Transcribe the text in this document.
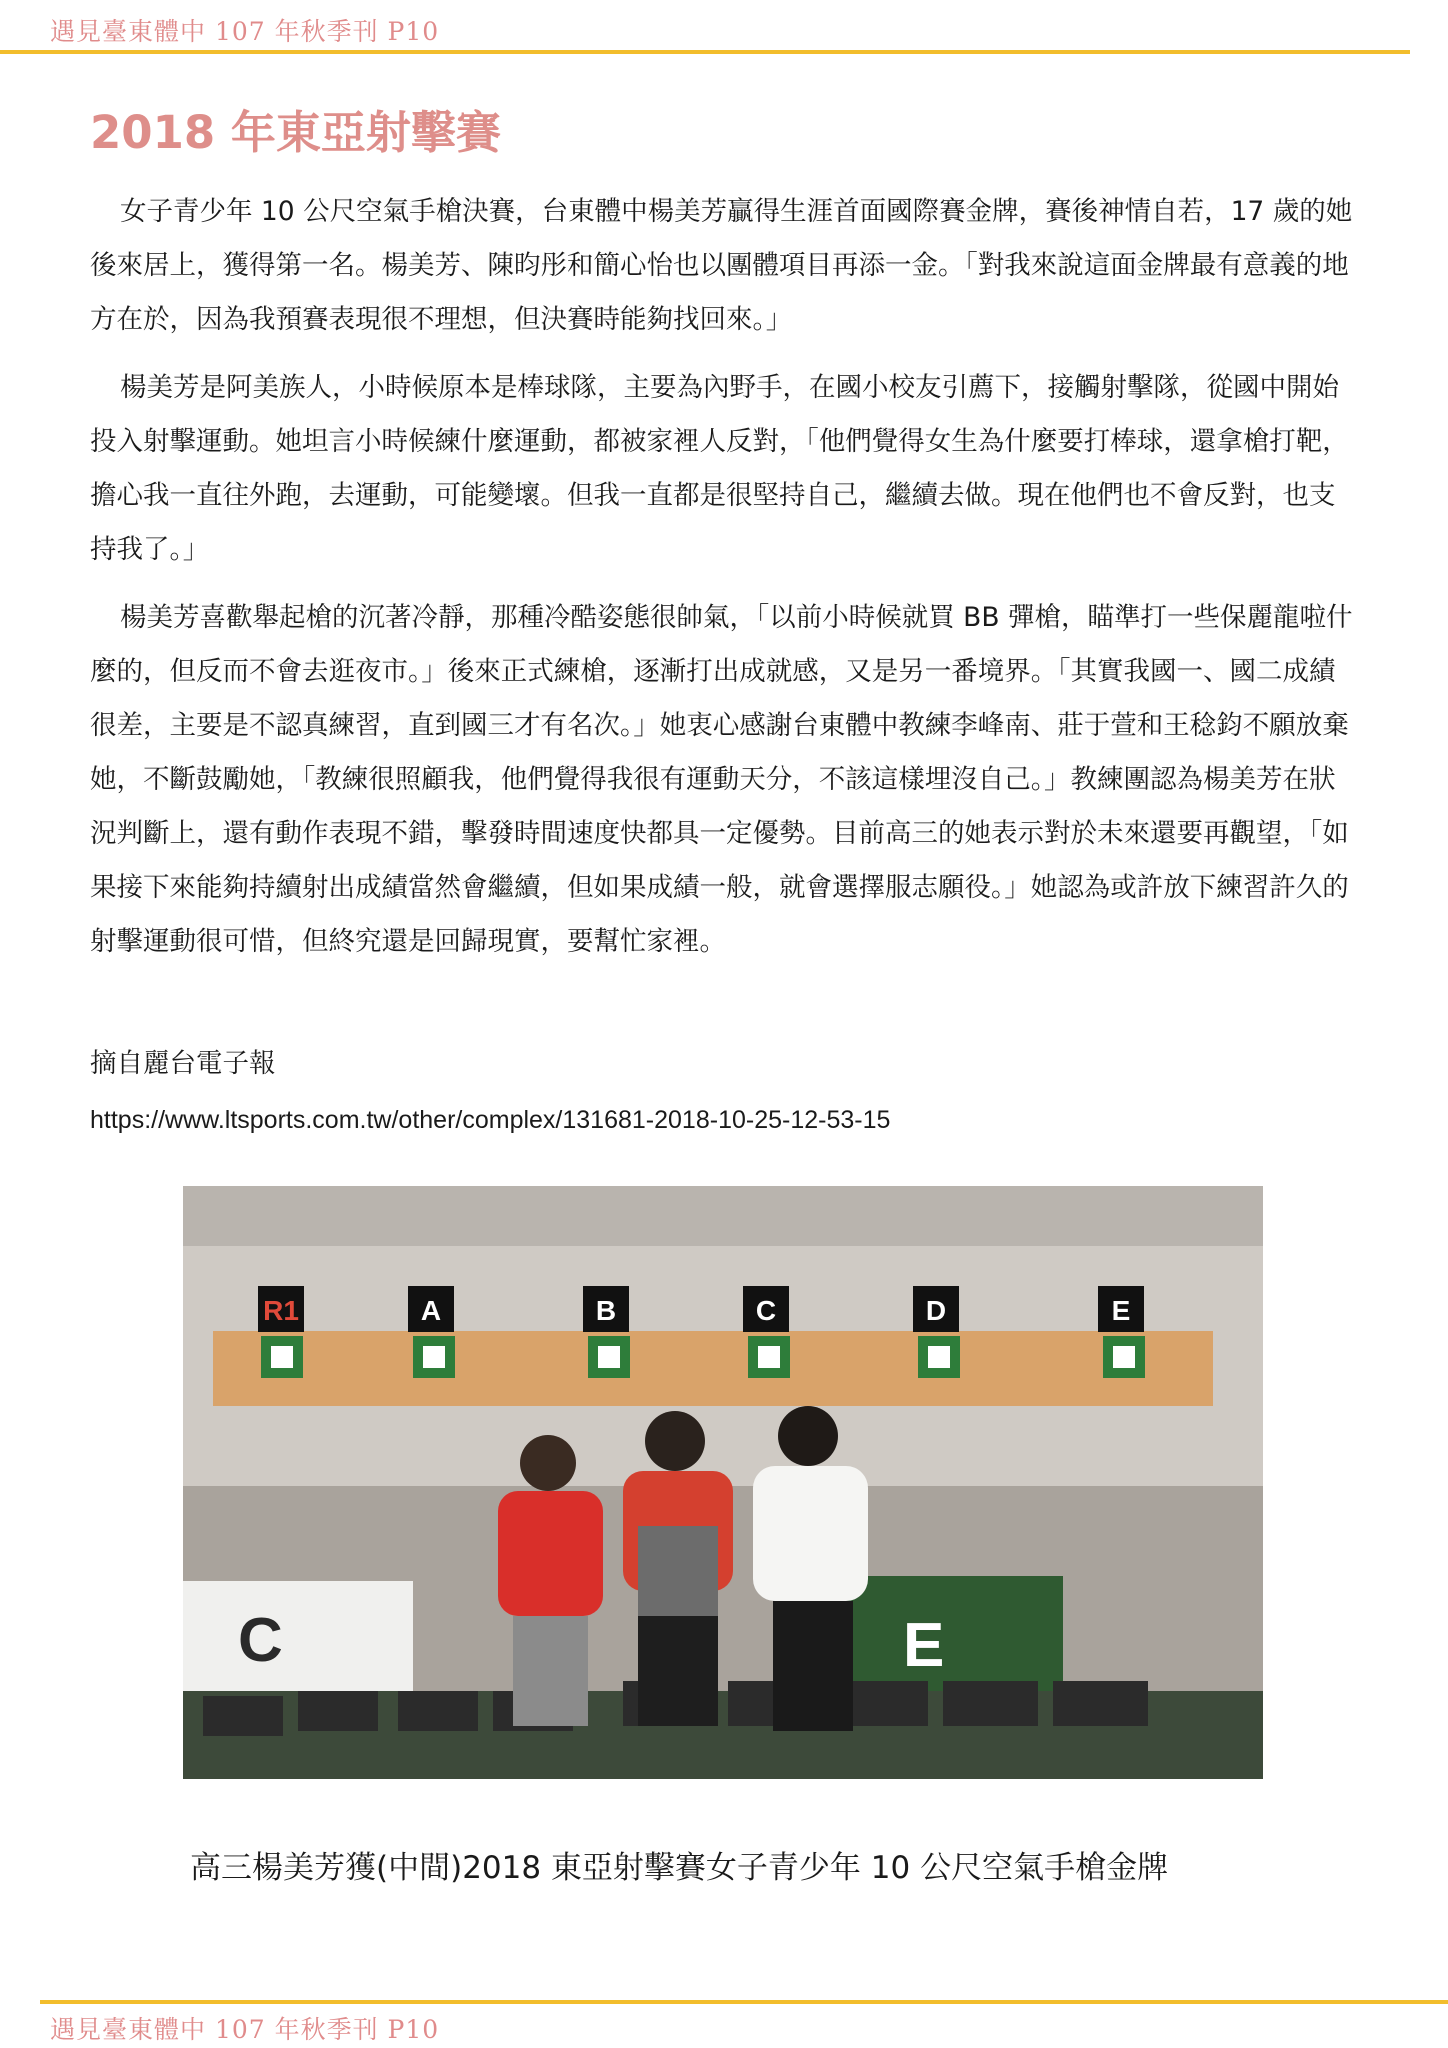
遇見臺東體中 107 年秋季刊 P10
2018 年東亞射擊賽

女子青少年 10 公尺空氣手槍決賽，台東體中楊美芳贏得生涯首面國際賽金牌，賽後神情自若，17 歲的她後來居上，獲得第一名。楊美芳、陳昀彤和簡心怡也以團體項目再添一金。「對我來說這面金牌最有意義的地方在於，因為我預賽表現很不理想，但決賽時能夠找回來。」

楊美芳是阿美族人，小時候原本是棒球隊，主要為內野手，在國小校友引薦下，接觸射擊隊，從國中開始投入射擊運動。她坦言小時候練什麼運動，都被家裡人反對，「他們覺得女生為什麼要打棒球，還拿槍打靶，擔心我一直往外跑，去運動，可能變壞。但我一直都是很堅持自己，繼續去做。現在他們也不會反對，也支持我了。」

楊美芳喜歡舉起槍的沉著冷靜，那種冷酷姿態很帥氣，「以前小時候就買 BB 彈槍，瞄準打一些保麗龍啦什麼的，但反而不會去逛夜市。」後來正式練槍，逐漸打出成就感，又是另一番境界。「其實我國一、國二成績很差，主要是不認真練習，直到國三才有名次。」她衷心感謝台東體中教練李峰南、莊于萱和王稔鈞不願放棄她，不斷鼓勵她，「教練很照顧我，他們覺得我很有運動天分，不該這樣埋沒自己。」教練團認為楊美芳在狀況判斷上，還有動作表現不錯，擊發時間速度快都具一定優勢。目前高三的她表示對於未來還要再觀望，「如果接下來能夠持續射出成績當然會繼續，但如果成績一般，就會選擇服志願役。」她認為或許放下練習許久的射擊運動很可惜，但終究還是回歸現實，要幫忙家裡。

摘自麗台電子報
https://www.ltsports.com.tw/other/complex/131681-2018-10-25-12-53-15
R1	A	B	C	D	E
C	E
高三楊美芳獲(中間)2018 東亞射擊賽女子青少年 10 公尺空氣手槍金牌
遇見臺東體中 107 年秋季刊 P10
